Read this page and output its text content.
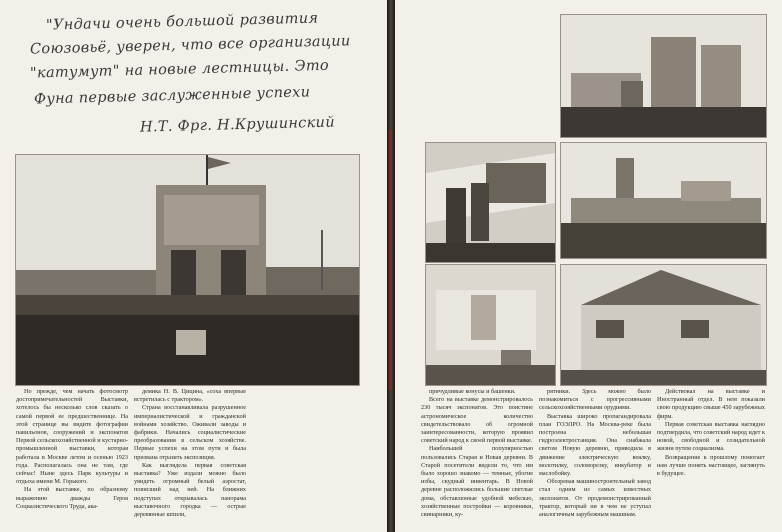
"Ундачи очень большой развития
Союзовьё, уверен, что все организации
"катумут" на новые лестницы. Это
Фуна первые заслуженные успехи
Н.Т. Фрг. Н.Крушинский

Но прежде, чем начать фотосмотр достопримечательностей Выставки, хотелось бы несколько слов сказать о самой первой ее предшественнице. На этой странице вы видите фотографии павильонов, сооружений и экспонатов Первой сельскохозяйственной и кустарно-промышленной выставки, которая работала в Москве летом и осенью 1923 года. Располагалась она не там, где сейчас! Ныне здесь Парк культуры и отдыха имени М. Горького.

На этой выставке, по образному выражению дважды Героя Социалистического Труда, ака-

демика Н. В. Цицина, «соха впервые встретилась с трактором».

Страна восстанавливала разрушенное империалистической и гражданской войнами хозяйство. Оживали заводы и фабрики. Начались социалистические преобразования в сельском хозяйстве. Первые успехи на этом пути и была призвана отразить экспозиция.

Как выглядела первая советская выставка? Уже издали можно было увидеть огромный белый аэростат, повисший над ней. На ближних подступах открывалась панорама выставочного городка — острые деревянные шпили,

причудливые конусы и башенки.

Всего на выставке демонстрировалось 230 тысяч экспонатов. Это поистине астрономическое количество свидетельствовало об огромной заинтересованности, которую проявил советский народ к своей первой выставке.

Наибольшей популярностью пользовались Старая и Новая деревни. В Старой посетители видели то, что им было хорошо знакомо — темные, убогие избы, скудный инвентарь. В Новой деревне расположились большие светлые дома, обставленные удобной мебелью, хозяйственные постройки — коровники, свинарники, ку-

рятники. Здесь можно было познакомиться с прогрессивными сельскохозяйственными орудиями.

Выставка широко пропагандировала план ГОЭЛРО. На Москва-реке была построена небольшая гидроэлектростанция. Она снабжала светом Новую деревню, приводила в движение электрическую веялку, молотилку, соломорезку, инкубатор и маслобойку.

Обозревая машиностроительный завод стал одним из самых известных экспонатов. От продемонстрированный трактор, который ни в чем не уступал аналогичным зарубежным машинам.

Действовал на выставке и Иностранный отдел. В нем показали свою продукцию свыше 450 зарубежных фирм.

Первая советская выставка наглядно подтвердила, что советский народ идет к новой, свободной и созидательной жизни путем социализма.

Возвращение к прошлому помогает нам лучше понять настоящее, заглянуть в будущее.
